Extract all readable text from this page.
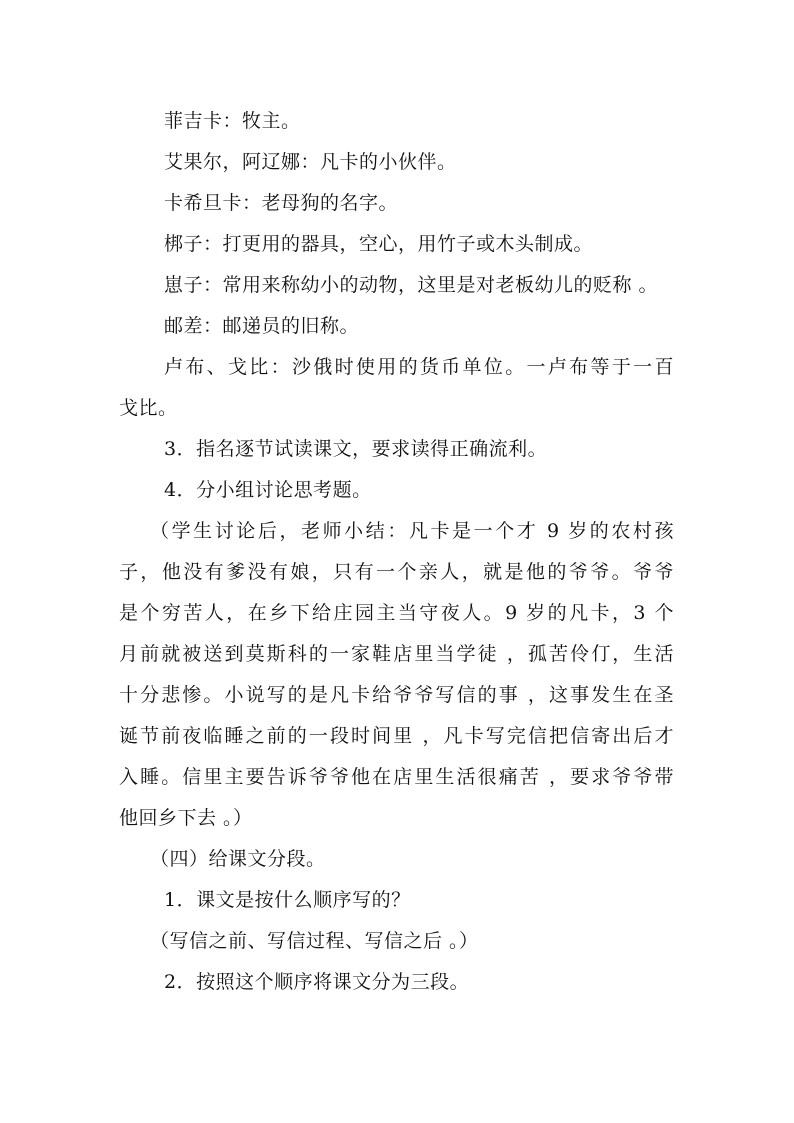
菲吉卡：牧主。
艾果尔，阿辽娜：凡卡的小伙伴。
卡希旦卡：老母狗的名字。
梆子：打更用的器具，空心，用竹子或木头制成。
崽子：常用来称幼小的动物，这里是对老板幼儿的贬称 。
邮差：邮递员的旧称。
卢布、戈比：沙俄时使用的货币单位。一卢布等于一百
戈比。
3．指名逐节试读课文，要求读得正确流利。
4．分小组讨论思考题。
（学生讨论后，老师小结：凡卡是一个才 9 岁的农村孩
子，他没有爹没有娘，只有一个亲人，就是他的爷爷。爷爷
是个穷苦人，在乡下给庄园主当守夜人。9 岁的凡卡，3 个
月前就被送到莫斯科的一家鞋店里当学徒 ，孤苦伶仃，生活
十分悲惨。小说写的是凡卡给爷爷写信的事 ，这事发生在圣
诞节前夜临睡之前的一段时间里 ，凡卡写完信把信寄出后才
入睡。信里主要告诉爷爷他在店里生活很痛苦 ，要求爷爷带
他回乡下去 。）
（四）给课文分段。
1．课文是按什么顺序写的？
（写信之前、写信过程、写信之后 。）
2．按照这个顺序将课文分为三段。
